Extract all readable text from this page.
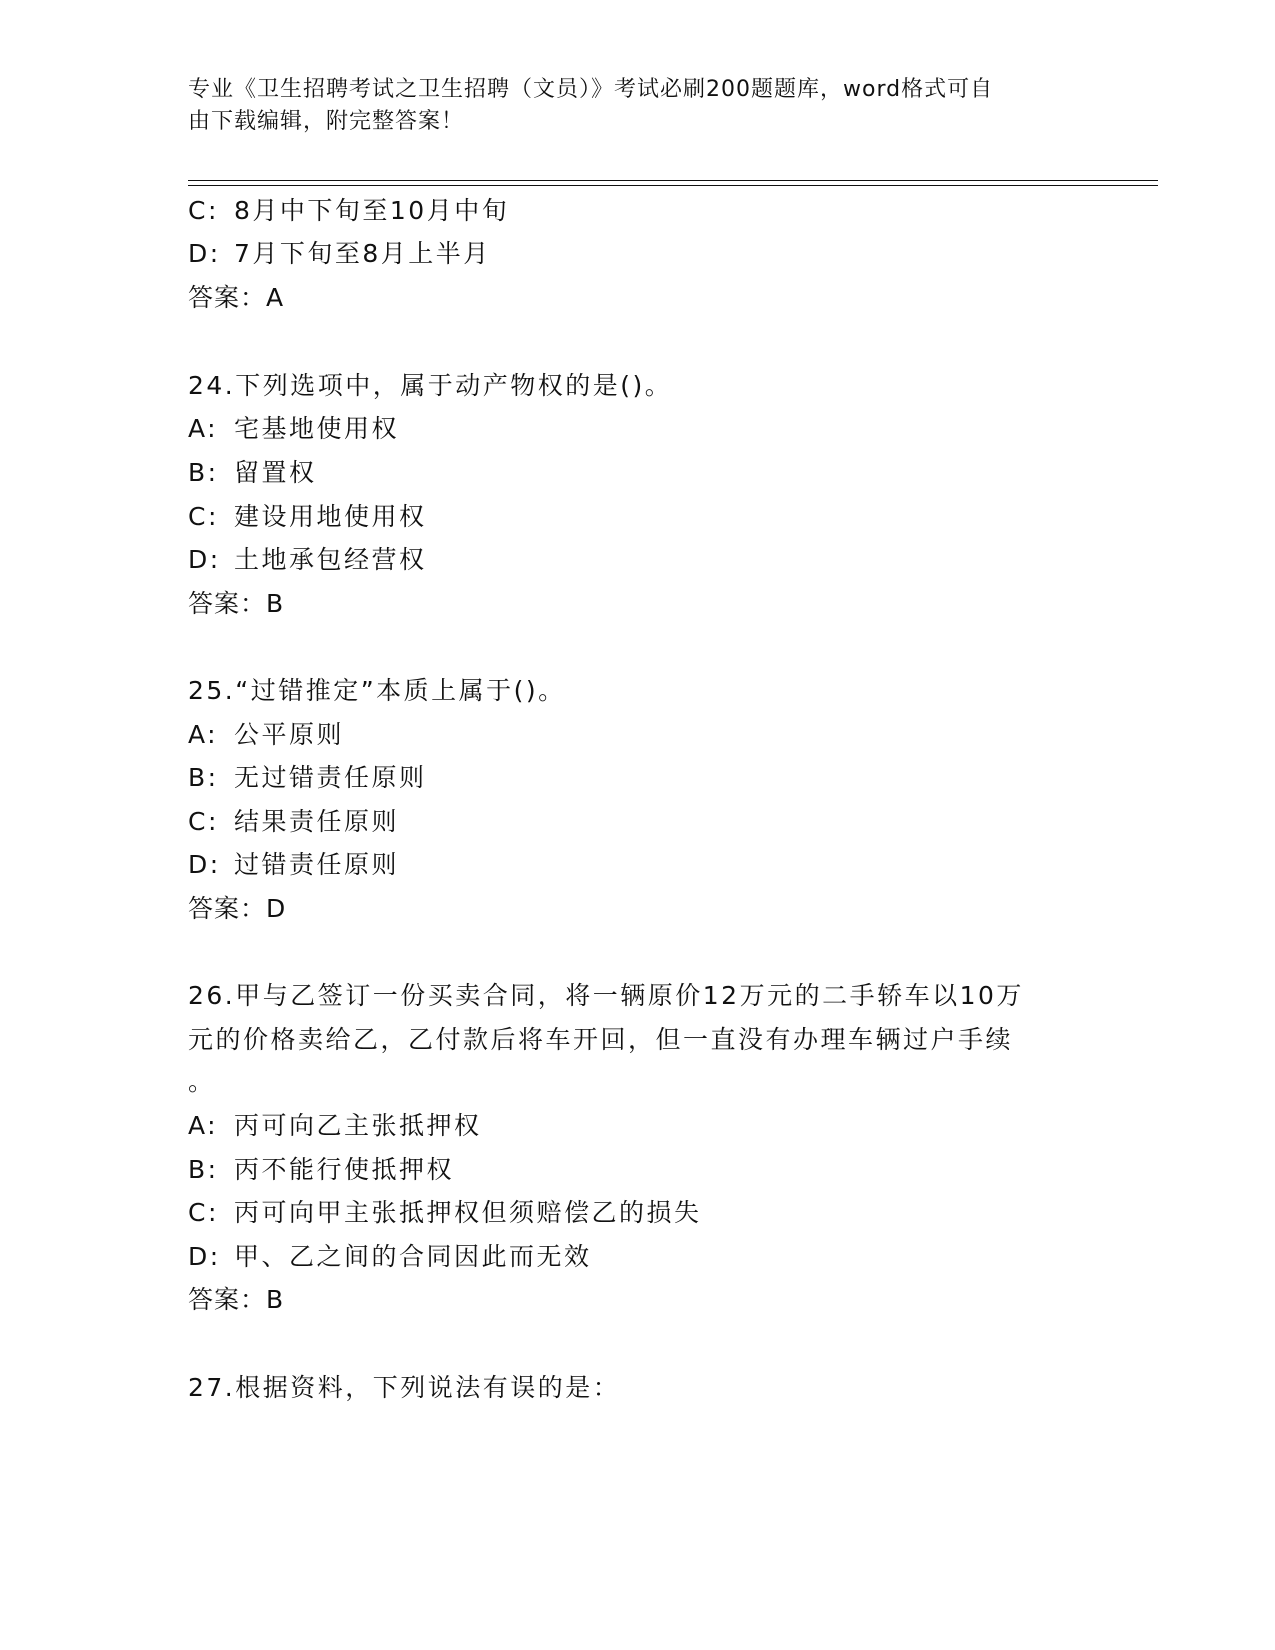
专业《卫生招聘考试之卫生招聘（文员）》考试必刷200题题库，word格式可自
由下载编辑，附完整答案！
C: 8月中下旬至10月中旬
D: 7月下旬至8月上半月
答案：A
24.下列选项中，属于动产物权的是()。
A: 宅基地使用权
B: 留置权
C: 建设用地使用权
D: 土地承包经营权
答案：B
25.“过错推定”本质上属于()。
A: 公平原则
B: 无过错责任原则
C: 结果责任原则
D: 过错责任原则
答案：D
26.甲与乙签订一份买卖合同，将一辆原价12万元的二手轿车以10万
元的价格卖给乙，乙付款后将车开回，但一直没有办理车辆过户手续
。
A: 丙可向乙主张抵押权
B: 丙不能行使抵押权
C: 丙可向甲主张抵押权但须赔偿乙的损失
D: 甲、乙之间的合同因此而无效
答案：B
27.根据资料，下列说法有误的是：
